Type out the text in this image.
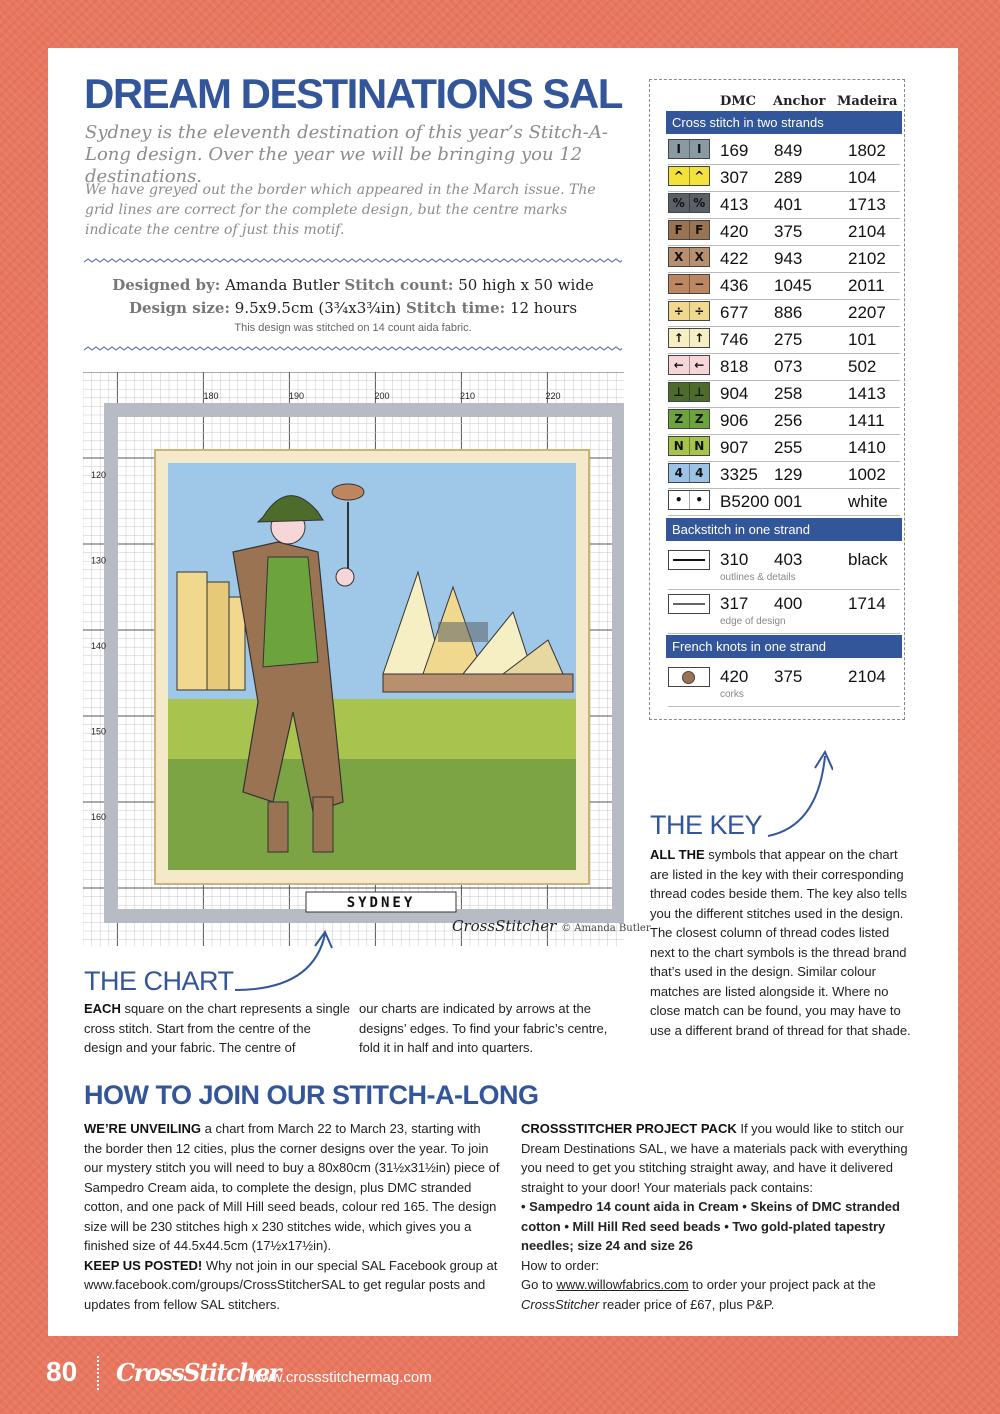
DREAM DESTINATIONS SAL

Sydney is the eleventh destination of this year’s Stitch-A-Long design. Over the year we will be bringing you 12 destinations.

We have greyed out the border which appeared in the March issue. The grid lines are correct for the complete design, but the centre marks indicate the centre of just this motif.

Designed by: Amanda Butler Stitch count: 50 high x 50 wide
Design size: 9.5x9.5cm (3¾x3¾in) Stitch time: 12 hours
This design was stitched on 14 count aida fabric.
DMC Anchor Madeira
Cross stitch in two strands
I	I	169 849	1802
^ ^ 307 289	104
% % 413 401	1713
F	F 420 375	2104
X X 422 943	2102
− − 436 1045 2011
÷ ÷ 677 886	2207
↑ ↑ 746 275	101
← ← 818 073	502
⊥ ⊥ 904 258	1413
Z Z 906 256	1411
N N 907 255	1410
4	4 3325 129	1002
•	• B5200 001	white
Backstitch in one strand
310 403	black
outlines & details
317 400	1714
edge of design
French knots in one strand
420 375	2104
corks
SYDNEY
180	190	200	210	220
120
130
140
150
160
CrossStitcher © Amanda Butler
THE KEY

ALL THE symbols that appear on the chart are listed in the key with their corresponding thread codes beside them. The key also tells you the different stitches used in the design. The closest column of thread codes listed next to the chart symbols is the thread brand that’s used in the design. Similar colour matches are listed alongside it. Where no close match can be found, you may have to use a different brand of thread for that shade.

THE CHART

EACH square on the chart represents a single cross stitch. Start from the centre of the design and your fabric. The centre of

our charts are indicated by arrows at the designs’ edges. To find your fabric’s centre, fold it in half and into quarters.

HOW TO JOIN OUR STITCH-A-LONG

WE’RE UNVEILING a chart from March 22 to March 23, starting with the border then 12 cities, plus the corner designs over the year. To join our mystery stitch you will need to buy a 80x80cm (31½x31½in) piece of Sampedro Cream aida, to complete the design, plus DMC stranded cotton, and one pack of Mill Hill seed beads, colour red 165. The design size will be 230 stitches high x 230 stitches wide, which gives you a finished size of 44.5x44.5cm (17½x17½in).

KEEP US POSTED! Why not join in our special SAL Facebook group at www.facebook.com/groups/CrossStitcherSAL to get regular posts and updates from fellow SAL stitchers.

CROSSSTITCHER PROJECT PACK If you would like to stitch our Dream Destinations SAL, we have a materials pack with everything you need to get you stitching straight away, and have it delivered straight to your door! Your materials pack contains:

• Sampedro 14 count aida in Cream • Skeins of DMC stranded cotton • Mill Hill Red seed beads • Two gold-plated tapestry needles; size 24 and size 26

How to order:

Go to www.willowfabrics.com to order your project pack at the CrossStitcher reader price of £67, plus P&P.

80 CrossStitcher
www.crossstitchermag.com
